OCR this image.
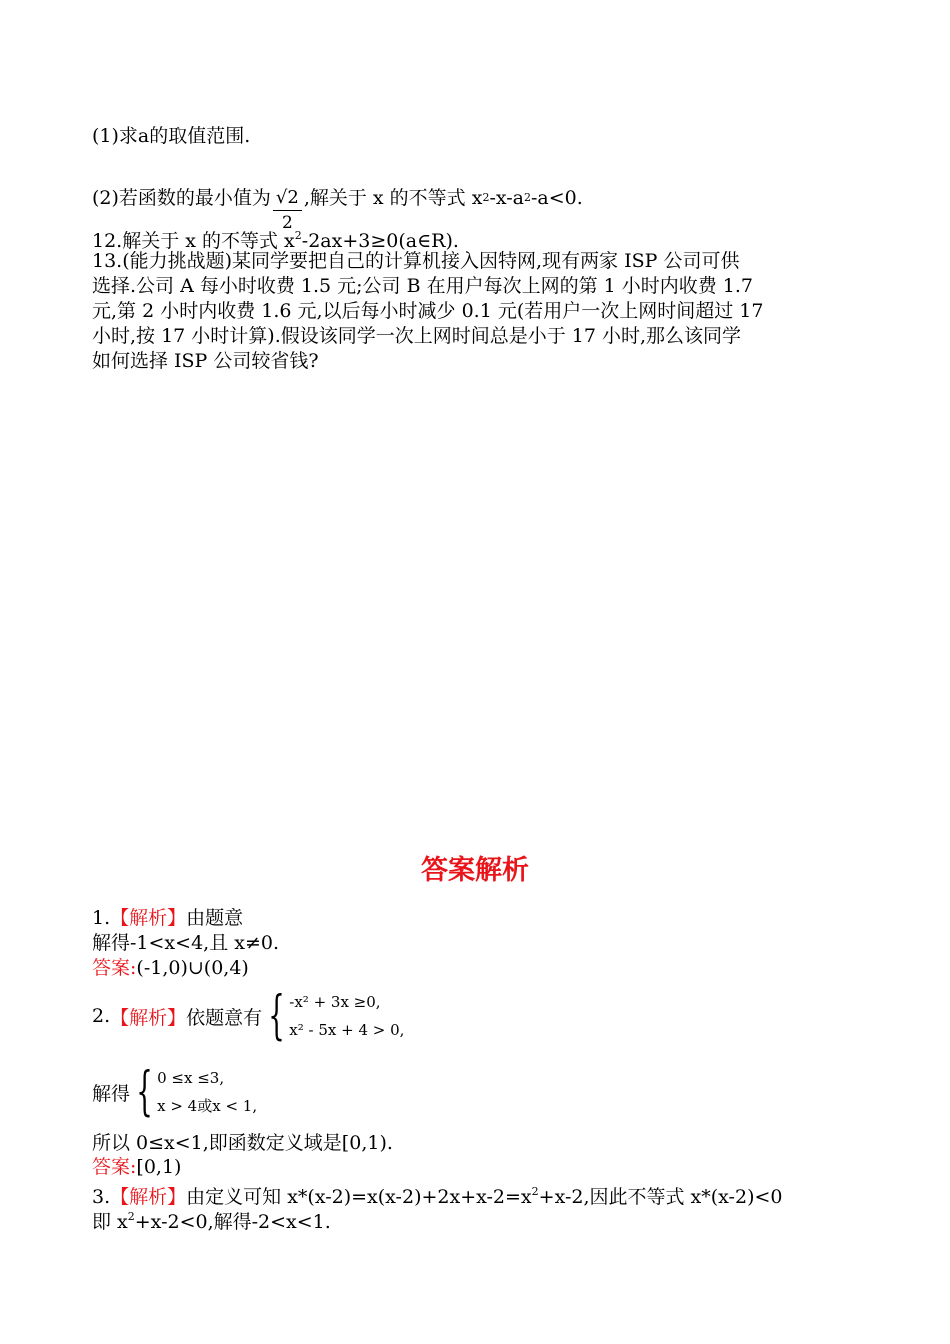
(1)求a的取值范围.
(2)若函数的最小值为 $\frac{√2}{2}$ ,解关于 x 的不等式 x 2 -x-a 2 -a<0.
12.解关于 x 的不等式 $x^2-2ax+3\ge 0(a\in R)$.
13.(能力挑战题)某同学要把自己的计算机接入因特网,现有两家 ISP 公司可供
选择.公司 A 每小时收费 1.5 元;公司 B 在用户每次上网的第 1 小时内收费 1.7
元,第 2 小时内收费 1.6 元,以后每小时减少 0.1 元(若用户一次上网时间超过 17
小时,按 17 小时计算).假设该同学一次上网时间总是小于 17 小时,那么该同学
如何选择 ISP 公司较省钱?
答案解析
1.【解析】由题意
解得-1<x<4,且 x≠0.
答案:(-1,0)∪(0,4)
2. 【解析】 依题意有 { -x² + 3x ≥0,
x² - 5x + 4 > 0,
解得 { 0 ≤x ≤3,
x > 4或x < 1,
所以 0≤x<1,即函数定义域是[0,1).
答案:[0,1)
3.【解析】由定义可知 $x*(x-2)=x(x-2)+2x+x-2=x^2+x-2$,因此不等式 x*(x-2)<0
即 $x^2+x-2<0$,解得-2<x<1.
